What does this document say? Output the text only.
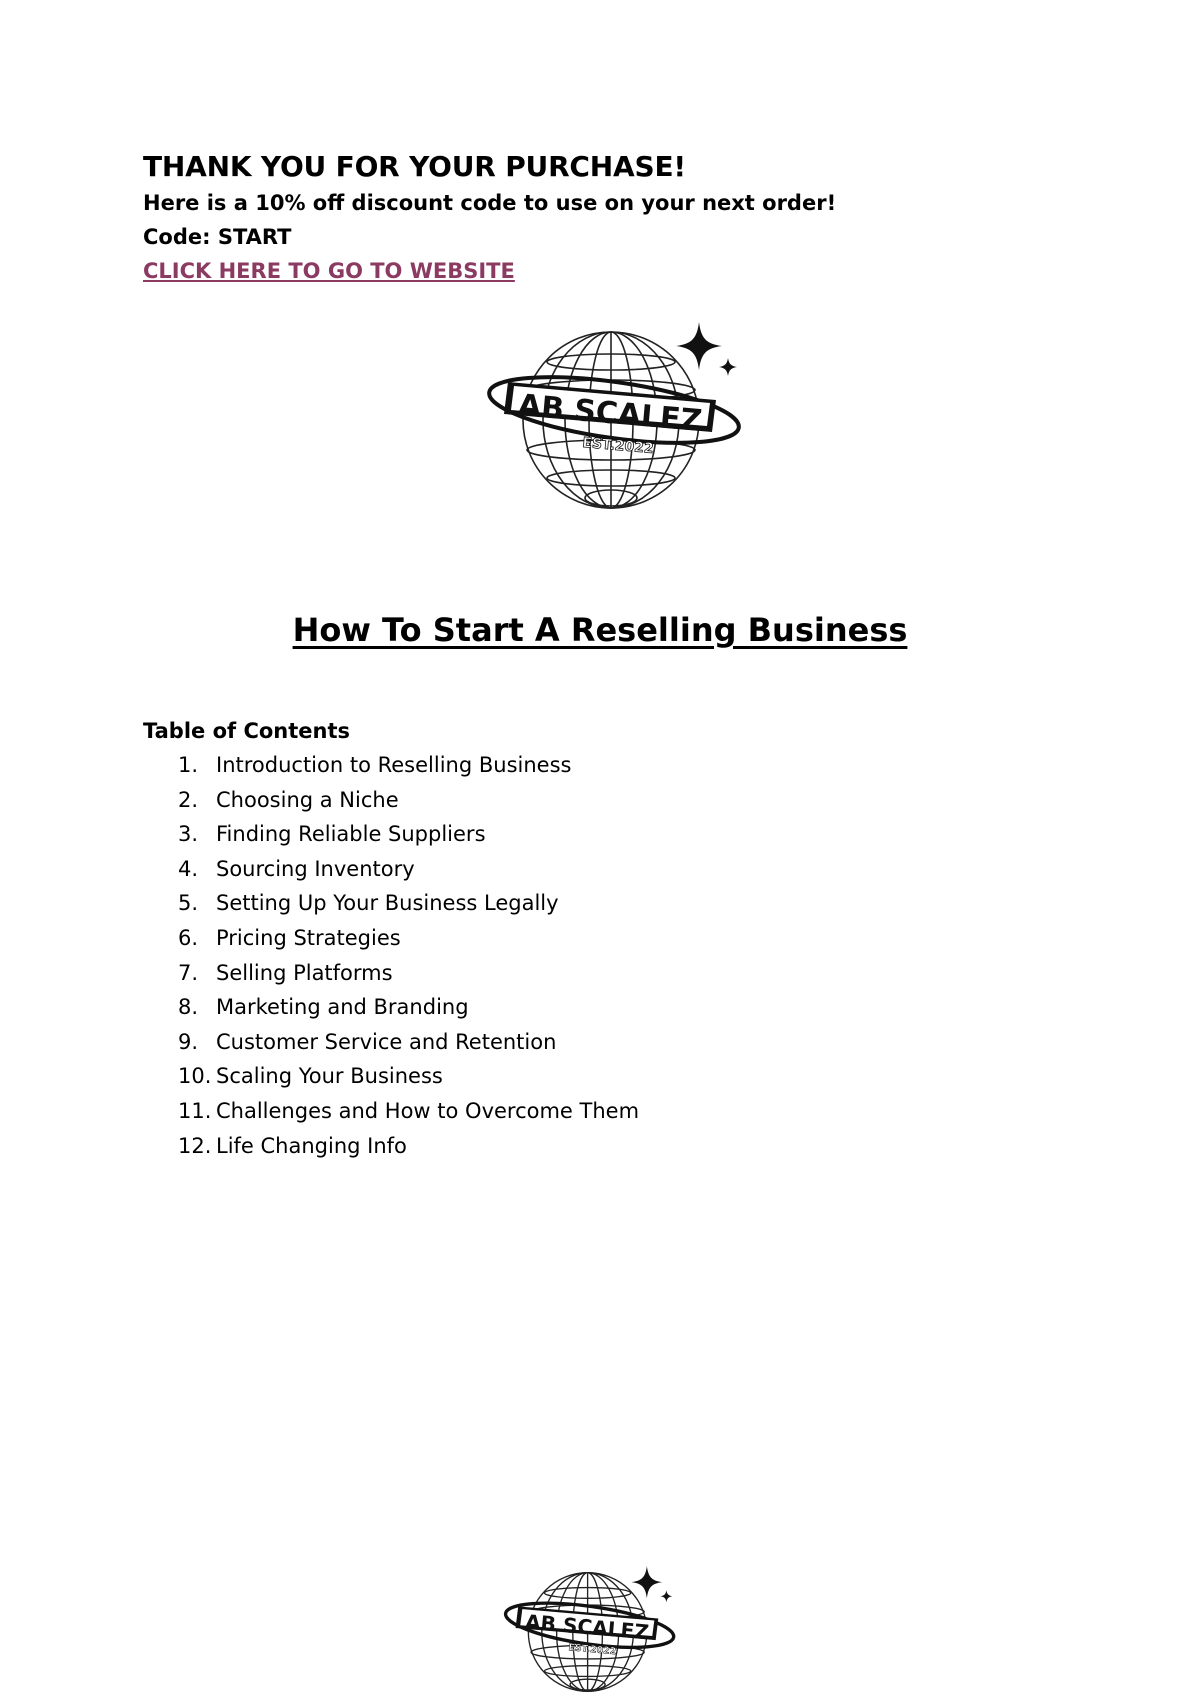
THANK YOU FOR YOUR PURCHASE!
Here is a 10% off discount code to use on your next order!
Code: START
CLICK HERE TO GO TO WEBSITE
AB SCALEZ
EST.2022
How To Start A Reselling Business
Table of Contents
1. Introduction to Reselling Business
2. Choosing a Niche
3. Finding Reliable Suppliers
4. Sourcing Inventory
5. Setting Up Your Business Legally
6. Pricing Strategies
7. Selling Platforms
8. Marketing and Branding
9. Customer Service and Retention
10. Scaling Your Business
11. Challenges and How to Overcome Them
12. Life Changing Info
AB SCALEZ
EST.2022
